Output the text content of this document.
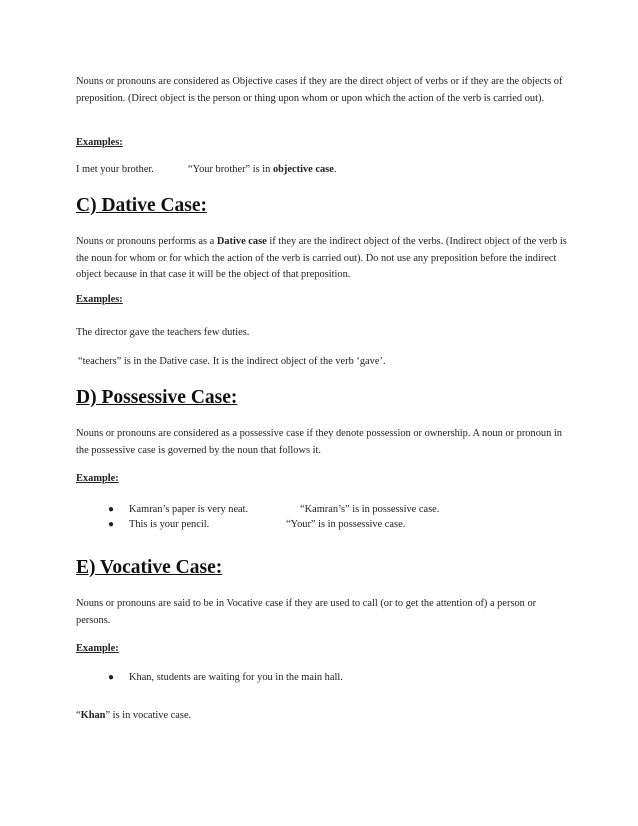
Nouns or pronouns are considered as Objective cases if they are the direct object of verbs or if they are the objects of preposition. (Direct object is the person or thing upon whom or upon which the action of the verb is carried out).

Examples:
I met your brother.	“Your brother” is in objective case.
C) Dative Case:

Nouns or pronouns performs as a Dative case if they are the indirect object of the verbs. (Indirect object of the verb is the noun for whom or for which the action of the verb is carried out). Do not use any preposition before the indirect object because in that case it will be the object of that preposition.

Examples:
The director gave the teachers few duties.
“teachers” is in the Dative case. It is the indirect object of the verb ‘gave’.
D) Possessive Case:

Nouns or pronouns are considered as a possessive case if they denote possession or ownership. A noun or pronoun in the possessive case is governed by the noun that follows it.

Example:
● Kamran’s paper is very neat.	“Kamran’s” is in possessive case.
● This is your pencil.	“Your” is in possessive case.
E) Vocative Case:

Nouns or pronouns are said to be in Vocative case if they are used to call (or to get the attention of) a person or persons.

Example:
● Khan, students are waiting for you in the main hall.
“Khan” is in vocative case.
